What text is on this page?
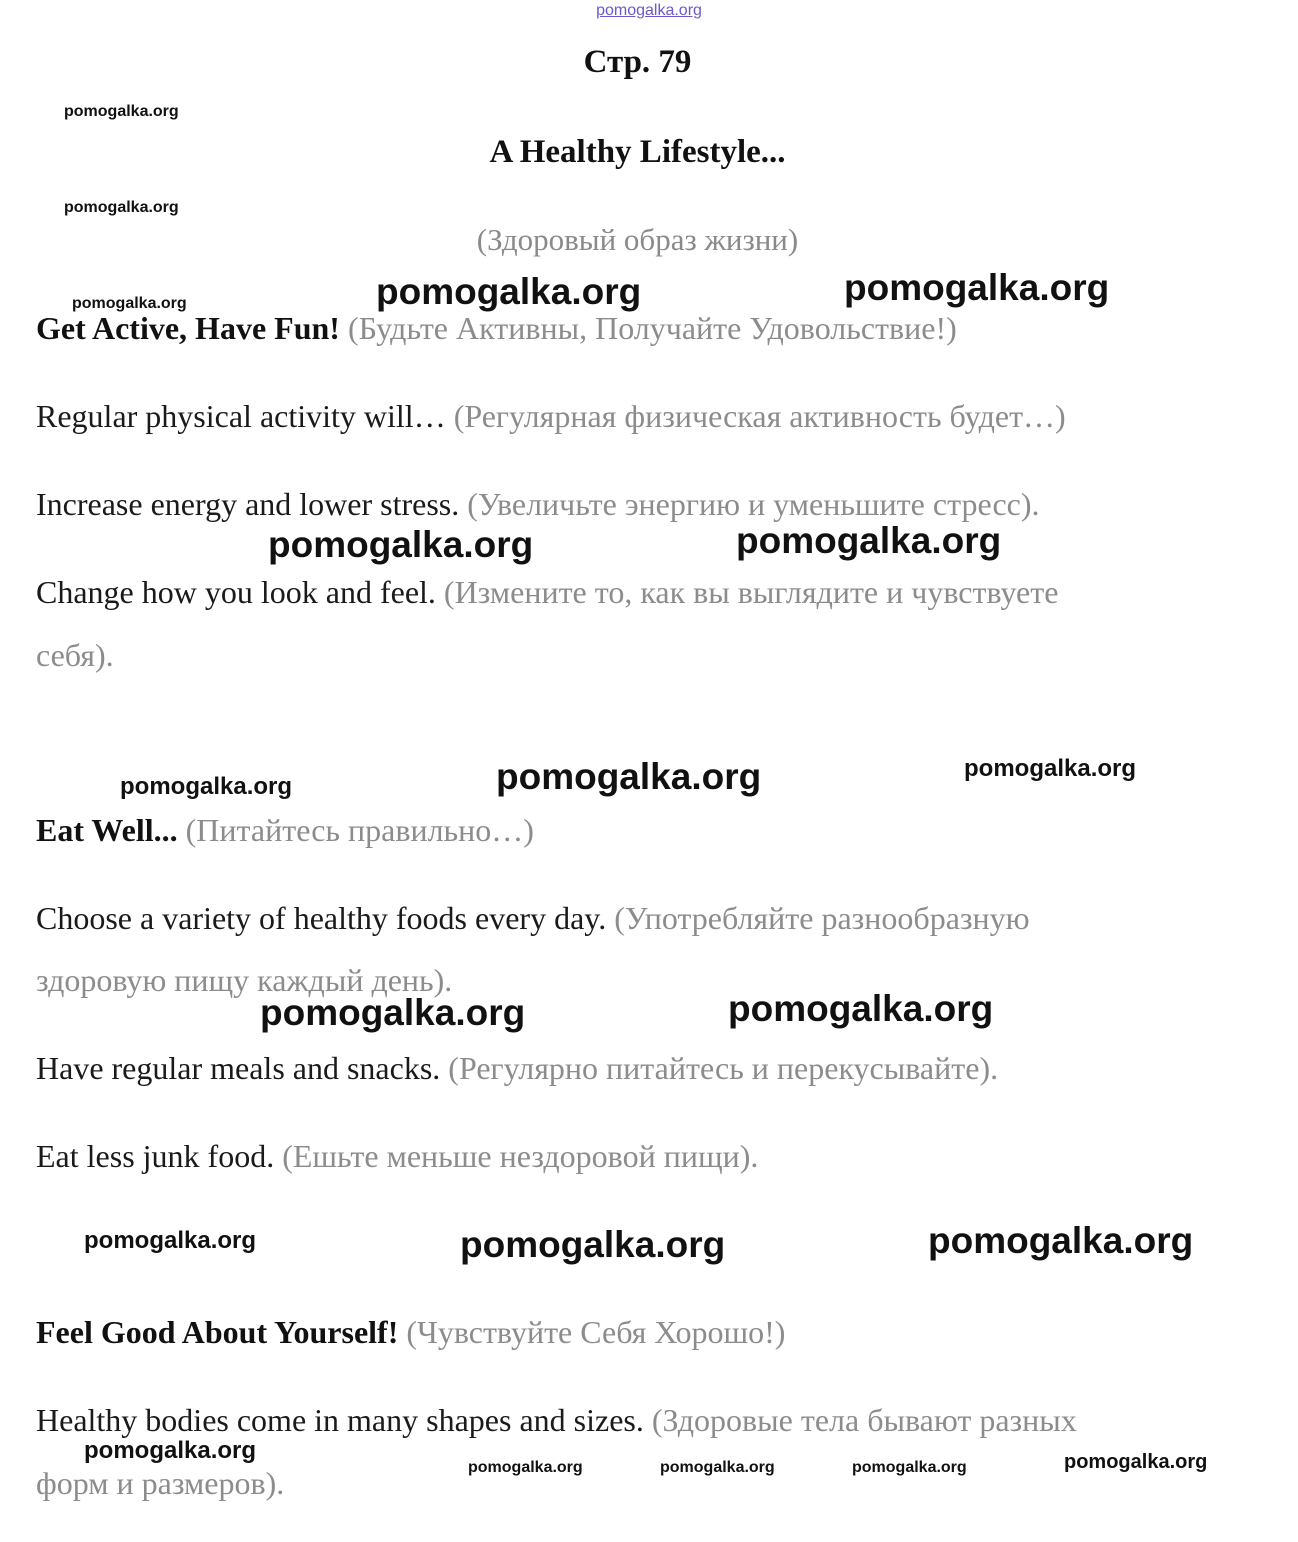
pomogalka.org
Стр. 79
A Healthy Lifestyle...
(Здоровый образ жизни)
Get Active, Have Fun! (Будьте Активны, Получайте Удовольствие!)
Regular physical activity will… (Регулярная физическая активность будет…)
Increase energy and lower stress. (Увеличьте энергию и уменьшите стресс).
Change how you look and feel. (Измените то, как вы выглядите и чувствуете
себя).
Eat Well... (Питайтесь правильно…)
Choose a variety of healthy foods every day. (Употребляйте разнообразную
здоровую пищу каждый день).
Have regular meals and snacks. (Регулярно питайтесь и перекусывайте).
Eat less junk food. (Ешьте меньше нездоровой пищи).
Feel Good About Yourself! (Чувствуйте Себя Хорошо!)
Healthy bodies come in many shapes and sizes. (Здоровые тела бывают разных
форм и размеров).
pomogalka.org
pomogalka.org
pomogalka.org	pomogalka.org	pomogalka.org
pomogalka.org	pomogalka.org
pomogalka.org	pomogalka.org	pomogalka.org
pomogalka.org	pomogalka.org
pomogalka.org	pomogalka.org	pomogalka.org
pomogalka.org
pomogalka.org	pomogalka.org	pomogalka.org	pomogalka.org
